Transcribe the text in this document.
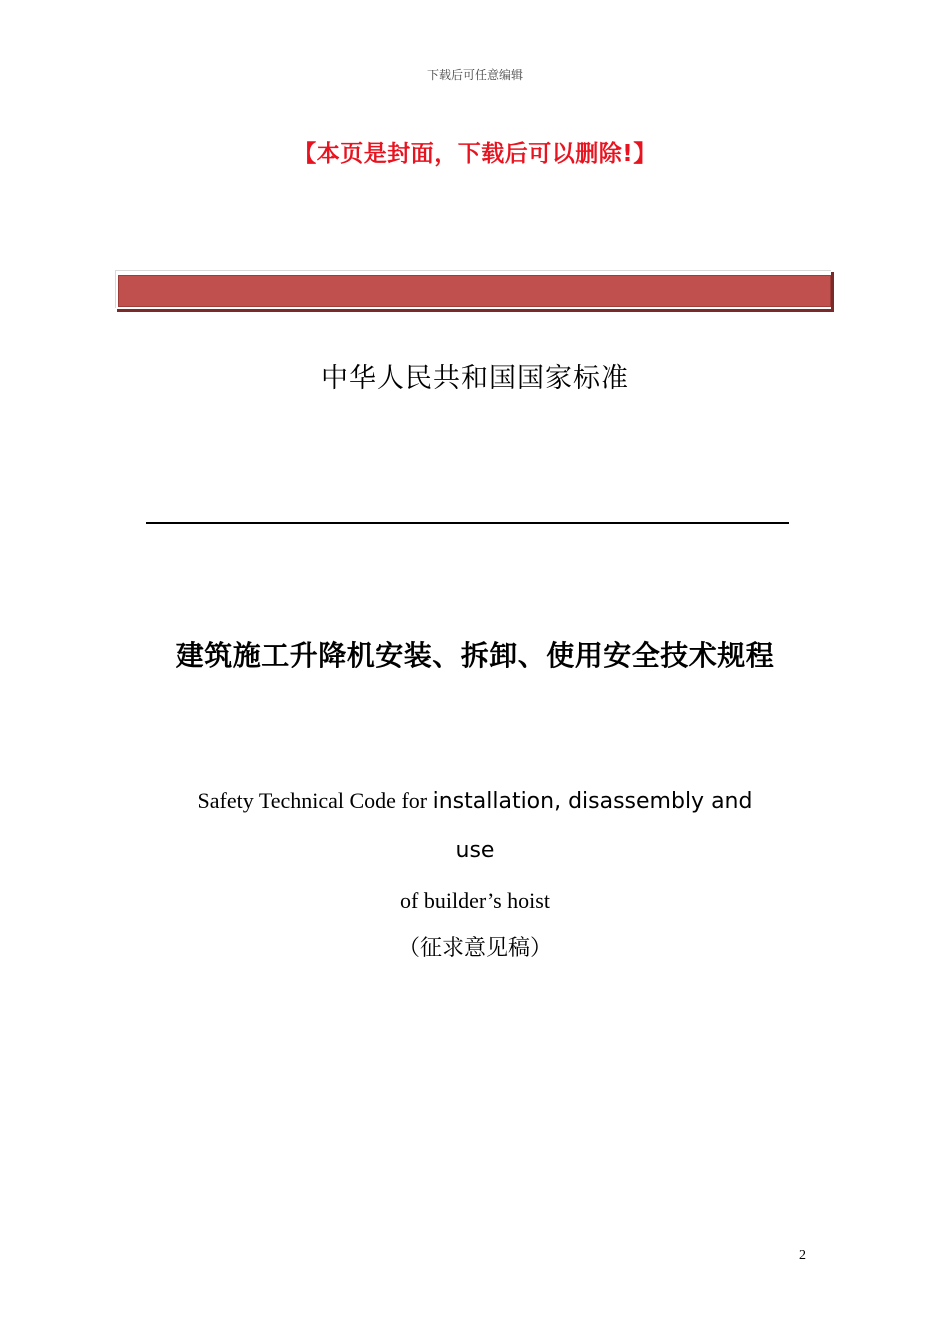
下载后可任意编辑
【本页是封面，下载后可以删除!】
中华人民共和国国家标准
建筑施工升降机安装、拆卸、使用安全技术规程
Safety Technical Code for installation, disassembly and
use
of builder’s hoist
（征求意见稿）
2
